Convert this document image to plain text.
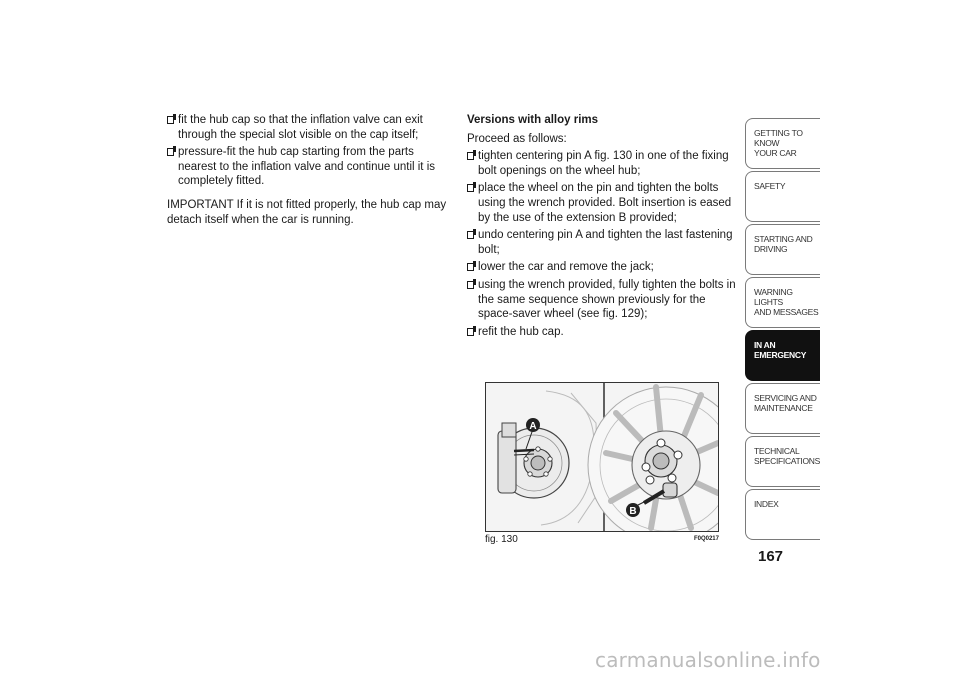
fit the hub cap so that the inflation valve can exit through the special slot visible on the cap itself;
pressure-fit the hub cap starting from the parts nearest to the inflation valve and continue until it is completely fitted.
IMPORTANT If it is not fitted properly, the hub cap may detach itself when the car is running.
Versions with alloy rims
Proceed as follows:
tighten centering pin A fig. 130 in one of the fixing bolt openings on the wheel hub;
place the wheel on the pin and tighten the bolts using the wrench provided. Bolt insertion is eased by the use of the extension B provided;
undo centering pin A and tighten the last fastening bolt;
lower the car and remove the jack;
using the wrench provided, fully tighten the bolts in the same sequence shown previously for the space-saver wheel (see fig. 129);
refit the hub cap.
A
B
fig. 130	F0Q0217
GETTING TO KNOW
YOUR CAR
SAFETY
STARTING AND
DRIVING
WARNING LIGHTS
AND MESSAGES
IN AN
EMERGENCY
SERVICING AND
MAINTENANCE
TECHNICAL
SPECIFICATIONS
INDEX
167
carmanualsonline.info
